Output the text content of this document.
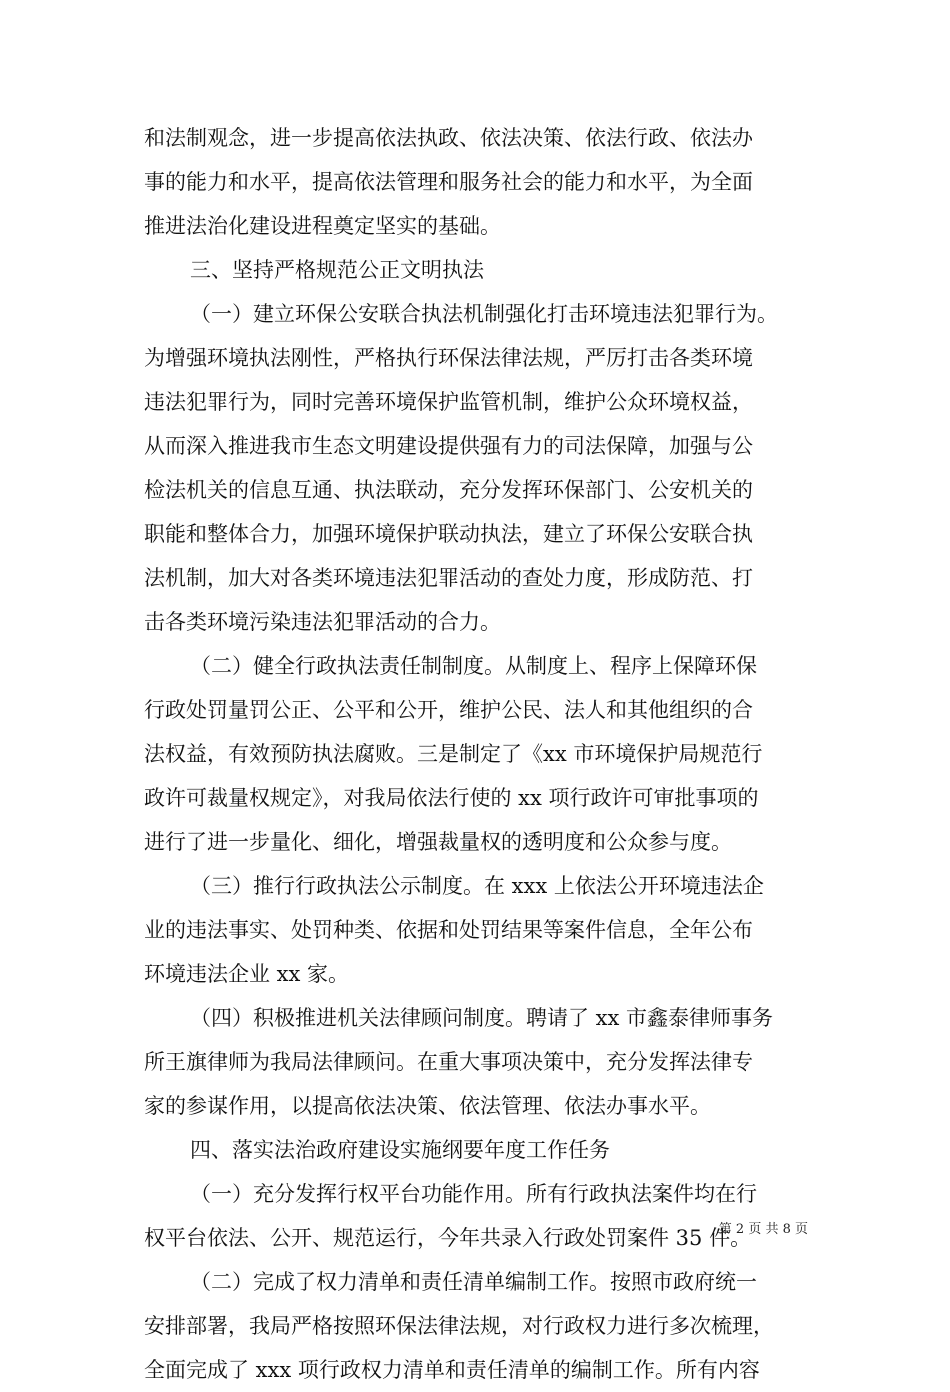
和法制观念，进一步提高依法执政、依法决策、依法行政、依法办
事的能力和水平，提高依法管理和服务社会的能力和水平，为全面
推进法治化建设进程奠定坚实的基础。
三、坚持严格规范公正文明执法
（一）建立环保公安联合执法机制强化打击环境违法犯罪行为。
为增强环境执法刚性，严格执行环保法律法规，严厉打击各类环境
违法犯罪行为，同时完善环境保护监管机制，维护公众环境权益，
从而深入推进我市生态文明建设提供强有力的司法保障，加强与公
检法机关的信息互通、执法联动，充分发挥环保部门、公安机关的
职能和整体合力，加强环境保护联动执法，建立了环保公安联合执
法机制，加大对各类环境违法犯罪活动的查处力度，形成防范、打
击各类环境污染违法犯罪活动的合力。
（二）健全行政执法责任制制度。从制度上、程序上保障环保
行政处罚量罚公正、公平和公开，维护公民、法人和其他组织的合
法权益，有效预防执法腐败。三是制定了《xx 市环境保护局规范行
政许可裁量权规定》，对我局依法行使的 xx 项行政许可审批事项的
进行了进一步量化、细化，增强裁量权的透明度和公众参与度。
（三）推行行政执法公示制度。在 xxx 上依法公开环境违法企
业的违法事实、处罚种类、依据和处罚结果等案件信息，全年公布
环境违法企业 xx 家。
（四）积极推进机关法律顾问制度。聘请了 xx 市鑫泰律师事务
所王旗律师为我局法律顾问。在重大事项决策中，充分发挥法律专
家的参谋作用，以提高依法决策、依法管理、依法办事水平。
四、落实法治政府建设实施纲要年度工作任务
（一）充分发挥行权平台功能作用。所有行政执法案件均在行
权平台依法、公开、规范运行，今年共录入行政处罚案件 35 件。
（二）完成了权力清单和责任清单编制工作。按照市政府统一
安排部署，我局严格按照环保法律法规，对行政权力进行多次梳理，
全面完成了 xxx 项行政权力清单和责任清单的编制工作。所有内容
第 2 页 共 8 页
